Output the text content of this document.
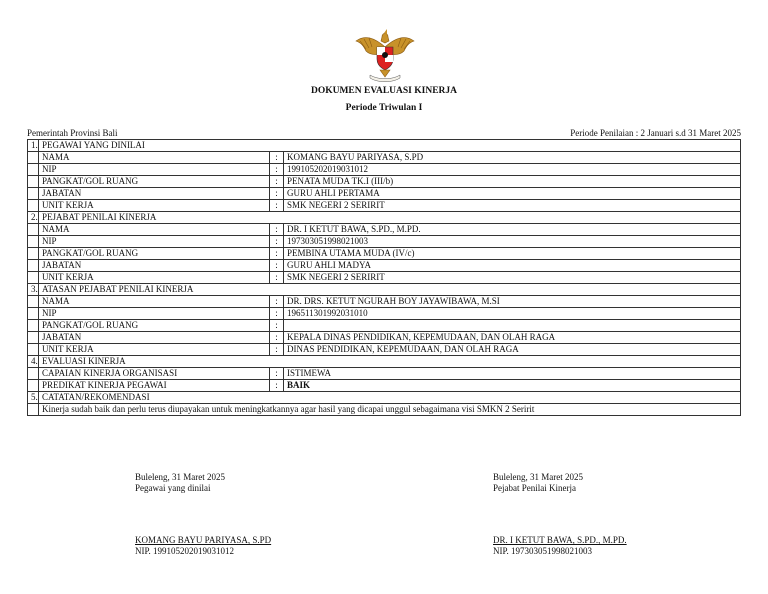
DOKUMEN EVALUASI KINERJA
Periode Triwulan I
Pemerintah Provinsi Bali	Periode Penilaian : 2 Januari s.d 31 Maret 2025
1.	PEGAWAI YANG DINILAI		
	NAMA	:	KOMANG BAYU PARIYASA, S.PD
	NIP	:	199105202019031012
	PANGKAT/GOL RUANG	:	PENATA MUDA TK.I (III/b)
	JABATAN	:	GURU AHLI PERTAMA
	UNIT KERJA	:	SMK NEGERI 2 SERIRIT
2.	PEJABAT PENILAI KINERJA		
	NAMA	:	DR. I KETUT BAWA, S.PD., M.PD.
	NIP	:	197303051998021003
	PANGKAT/GOL RUANG	:	PEMBINA UTAMA MUDA (IV/c)
	JABATAN	:	GURU AHLI MADYA
	UNIT KERJA	:	SMK NEGERI 2 SERIRIT
3.	ATASAN PEJABAT PENILAI KINERJA		
	NAMA	:	DR. DRS. KETUT NGURAH BOY JAYAWIBAWA, M.SI
	NIP	:	196511301992031010
	PANGKAT/GOL RUANG	:	
	JABATAN	:	KEPALA DINAS PENDIDIKAN, KEPEMUDAAN, DAN OLAH RAGA
	UNIT KERJA	:	DINAS PENDIDIKAN, KEPEMUDAAN, DAN OLAH RAGA
4.	EVALUASI KINERJA		
	CAPAIAN KINERJA ORGANISASI	:	ISTIMEWA
	PREDIKAT KINERJA PEGAWAI	:	BAIK
5.	CATATAN/REKOMENDASI		
	Kinerja sudah baik dan perlu terus diupayakan untuk meningkatkannya agar hasil yang dicapai unggul sebagaimana visi SMKN 2 Seririt		
Buleleng, 31 Maret 2025
Pegawai yang dinilai
Buleleng, 31 Maret 2025
Pejabat Penilai Kinerja
KOMANG BAYU PARIYASA, S.PD
NIP. 199105202019031012
DR. I KETUT BAWA, S.PD., M.PD.
NIP. 197303051998021003
